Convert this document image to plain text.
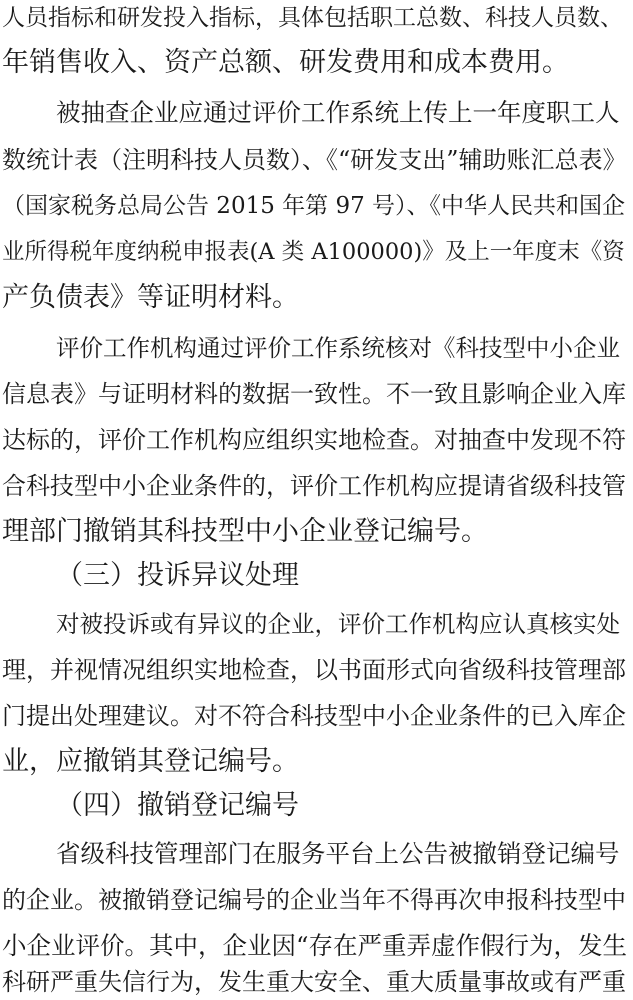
人员指标和研发投入指标，具体包括职工总数、科技人员数、

年销售收入、资产总额、研发费用和成本费用。

被抽查企业应通过评价工作系统上传上一年度职工人

数统计表（注明科技人员数）、《“研发支出”辅助账汇总表》

（国家税务总局公告 2015 年第 97 号）、《中华人民共和国企

业所得税年度纳税申报表(A 类 A100000)》及上一年度末《资

产负债表》等证明材料。

评价工作机构通过评价工作系统核对《科技型中小企业

信息表》与证明材料的数据一致性。不一致且影响企业入库

达标的，评价工作机构应组织实地检查。对抽查中发现不符

合科技型中小企业条件的，评价工作机构应提请省级科技管

理部门撤销其科技型中小企业登记编号。

（三）投诉异议处理

对被投诉或有异议的企业，评价工作机构应认真核实处

理，并视情况组织实地检查，以书面形式向省级科技管理部

门提出处理建议。对不符合科技型中小企业条件的已入库企

业，应撤销其登记编号。

（四）撤销登记编号

省级科技管理部门在服务平台上公告被撤销登记编号

的企业。被撤销登记编号的企业当年不得再次申报科技型中

小企业评价。其中，企业因“存在严重弄虚作假行为，发生

科研严重失信行为，发生重大安全、重大质量事故或有严重
